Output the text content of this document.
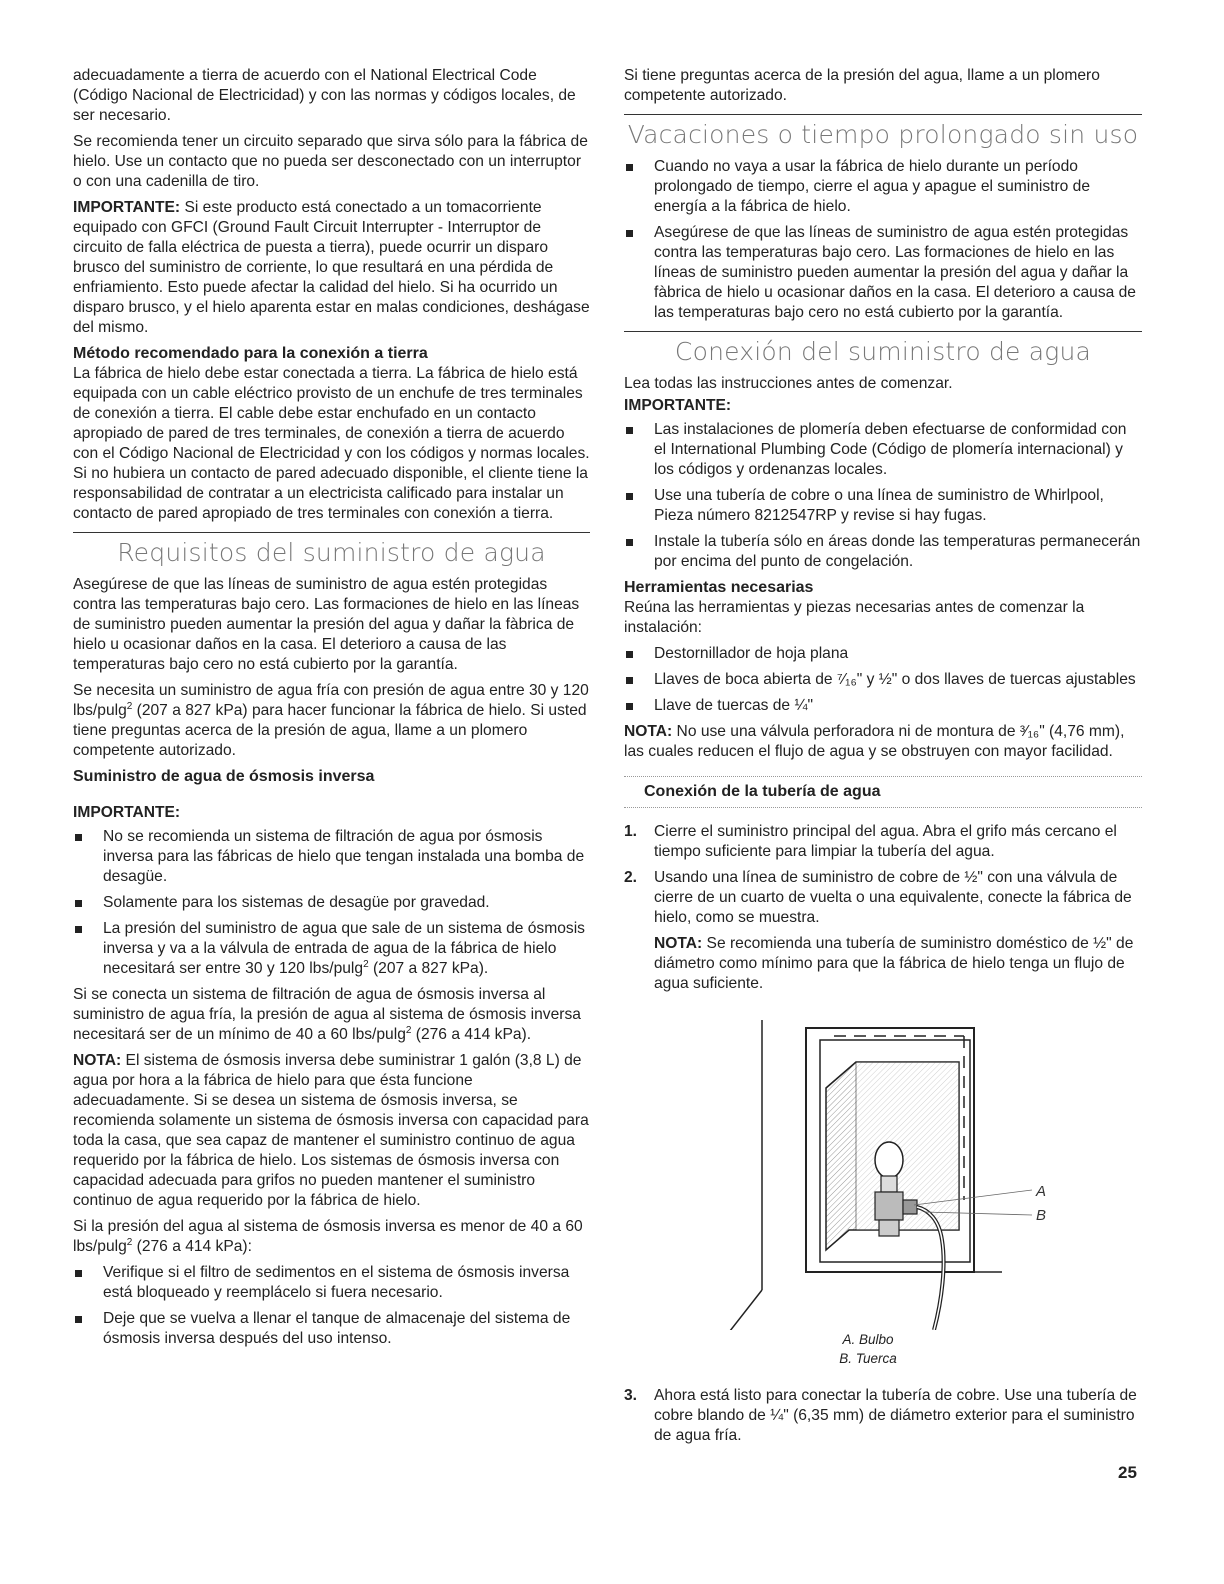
adecuadamente a tierra de acuerdo con el National Electrical Code (Código Nacional de Electricidad) y con las normas y códigos locales, de ser necesario.

Se recomienda tener un circuito separado que sirva sólo para la fábrica de hielo. Use un contacto que no pueda ser desconectado con un interruptor o con una cadenilla de tiro.

IMPORTANTE: Si este producto está conectado a un tomacorriente equipado con GFCI (Ground Fault Circuit Interrupter - Interruptor de circuito de falla eléctrica de puesta a tierra), puede ocurrir un disparo brusco del suministro de corriente, lo que resultará en una pérdida de enfriamiento. Esto puede afectar la calidad del hielo. Si ha ocurrido un disparo brusco, y el hielo aparenta estar en malas condiciones, deshágase del mismo.

Método recomendado para la conexión a tierra

La fábrica de hielo debe estar conectada a tierra. La fábrica de hielo está equipada con un cable eléctrico provisto de un enchufe de tres terminales de conexión a tierra. El cable debe estar enchufado en un contacto apropiado de pared de tres terminales, de conexión a tierra de acuerdo con el Código Nacional de Electricidad y con los códigos y normas locales. Si no hubiera un contacto de pared adecuado disponible, el cliente tiene la responsabilidad de contratar a un electricista calificado para instalar un contacto de pared apropiado de tres terminales con conexión a tierra.

Requisitos del suministro de agua

Asegúrese de que las líneas de suministro de agua estén protegidas contra las temperaturas bajo cero. Las formaciones de hielo en las líneas de suministro pueden aumentar la presión del agua y dañar la fàbrica de hielo u ocasionar daños en la casa. El deterioro a causa de las temperaturas bajo cero no está cubierto por la garantía.

Se necesita un suministro de agua fría con presión de agua entre 30 y 120 lbs/pulg$^2$ (207 a 827 kPa) para hacer funcionar la fábrica de hielo. Si usted tiene preguntas acerca de la presión de agua, llame a un plomero competente autorizado.

Suministro de agua de ósmosis inversa
IMPORTANTE:
No se recomienda un sistema de filtración de agua por ósmosis inversa para las fábricas de hielo que tengan instalada una bomba de desagüe.
Solamente para los sistemas de desagüe por gravedad.
La presión del suministro de agua que sale de un sistema de ósmosis inversa y va a la válvula de entrada de agua de la fábrica de hielo necesitará ser entre 30 y 120 lbs/pulg$^2$ (207 a 827 kPa).

Si se conecta un sistema de filtración de agua de ósmosis inversa al suministro de agua fría, la presión de agua al sistema de ósmosis inversa necesitará ser de un mínimo de 40 a 60 lbs/pulg$^2$ (276 a 414 kPa).

NOTA: El sistema de ósmosis inversa debe suministrar 1 galón (3,8 L) de agua por hora a la fábrica de hielo para que ésta funcione adecuadamente. Si se desea un sistema de ósmosis inversa, se recomienda solamente un sistema de ósmosis inversa con capacidad para toda la casa, que sea capaz de mantener el suministro continuo de agua requerido por la fábrica de hielo. Los sistemas de ósmosis inversa con capacidad adecuada para grifos no pueden mantener el suministro continuo de agua requerido por la fábrica de hielo.

Si la presión del agua al sistema de ósmosis inversa es menor de 40 a 60 lbs/pulg$^2$ (276 a 414 kPa):

Verifique si el filtro de sedimentos en el sistema de ósmosis inversa está bloqueado y reemplácelo si fuera necesario.
Deje que se vuelva a llenar el tanque de almacenaje del sistema de ósmosis inversa después del uso intenso.

Si tiene preguntas acerca de la presión del agua, llame a un plomero competente autorizado.

Vacaciones o tiempo prolongado sin uso
Cuando no vaya a usar la fábrica de hielo durante un período prolongado de tiempo, cierre el agua y apague el suministro de energía a la fábrica de hielo.
Asegúrese de que las líneas de suministro de agua estén protegidas contra las temperaturas bajo cero. Las formaciones de hielo en las líneas de suministro pueden aumentar la presión del agua y dañar la fàbrica de hielo u ocasionar daños en la casa. El deterioro a causa de las temperaturas bajo cero no está cubierto por la garantía.
Conexión del suministro de agua

Lea todas las instrucciones antes de comenzar.

IMPORTANTE:
Las instalaciones de plomería deben efectuarse de conformidad con el International Plumbing Code (Código de plomería internacional) y los códigos y ordenanzas locales.
Use una tubería de cobre o una línea de suministro de Whirlpool, Pieza número 8212547RP y revise si hay fugas.
Instale la tubería sólo en áreas donde las temperaturas permanecerán por encima del punto de congelación.
Herramientas necesarias

Reúna las herramientas y piezas necesarias antes de comenzar la instalación:

Destornillador de hoja plana
Llaves de boca abierta de ⁷⁄₁₆" y ½" o dos llaves de tuercas ajustables
Llave de tuercas de ¼"

NOTA: No use una válvula perforadora ni de montura de ³⁄₁₆" (4,76 mm), las cuales reducen el flujo de agua y se obstruyen con mayor facilidad.

Conexión de la tubería de agua
1. Cierre el suministro principal del agua. Abra el grifo más cercano el tiempo suficiente para limpiar la tubería del agua.
2. Usando una línea de suministro de cobre de ½" con una válvula de cierre de un cuarto de vuelta o una equivalente, conecte la fábrica de hielo, como se muestra.
NOTA: Se recomienda una tubería de suministro doméstico de ½" de diámetro como mínimo para que la fábrica de hielo tenga un flujo de agua suficiente.
A
B
A. Bulbo
B. Tuerca
3. Ahora está listo para conectar la tubería de cobre. Use una tubería de cobre blando de ¼" (6,35 mm) de diámetro exterior para el suministro de agua fría.
25
